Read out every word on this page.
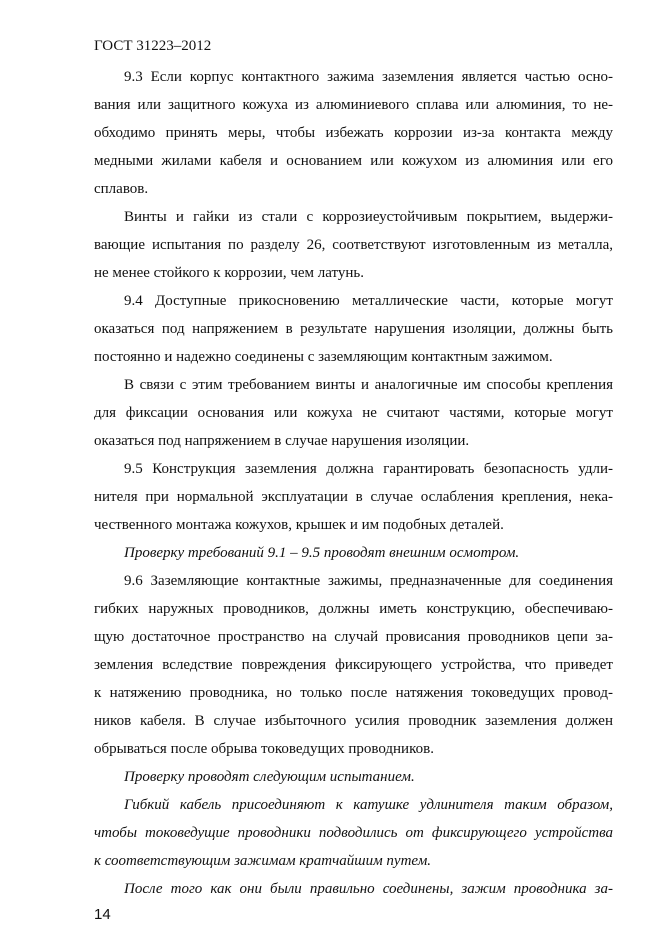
ГОСТ 31223–2012
9.3 Если корпус контактного зажима заземления является частью осно-
вания или защитного кожуха из алюминиевого сплава или алюминия, то не-
обходимо принять меры, чтобы избежать коррозии из-за контакта между
медными жилами кабеля и основанием или кожухом из алюминия или его
сплавов.
Винты и гайки из стали с коррозиеустойчивым покрытием, выдержи-
вающие испытания по разделу 26, соответствуют изготовленным из металла,
не менее стойкого к коррозии, чем латунь.
9.4 Доступные прикосновению металлические части, которые могут
оказаться под напряжением в результате нарушения изоляции, должны быть
постоянно и надежно соединены с заземляющим контактным зажимом.
В связи с этим требованием винты и аналогичные им способы крепления
для фиксации основания или кожуха не считают частями, которые могут
оказаться под напряжением в случае нарушения изоляции.
9.5 Конструкция заземления должна гарантировать безопасность удли-
нителя при нормальной эксплуатации в случае ослабления крепления, нека-
чественного монтажа кожухов, крышек и им подобных деталей.
Проверку требований 9.1 – 9.5 проводят внешним осмотром.
9.6 Заземляющие контактные зажимы, предназначенные для соединения
гибких наружных проводников, должны иметь конструкцию, обеспечиваю-
щую достаточное пространство на случай провисания проводников цепи за-
земления вследствие повреждения фиксирующего устройства, что приведет
к натяжению проводника, но только после натяжения токоведущих провод-
ников кабеля. В случае избыточного усилия проводник заземления должен
обрываться после обрыва токоведущих проводников.
Проверку проводят следующим испытанием.
Гибкий кабель присоединяют к катушке удлинителя таким образом,
чтобы токоведущие проводники подводились от фиксирующего устройства
к соответствующим зажимам кратчайшим путем.
После того как они были правильно соединены, зажим проводника за-
14
